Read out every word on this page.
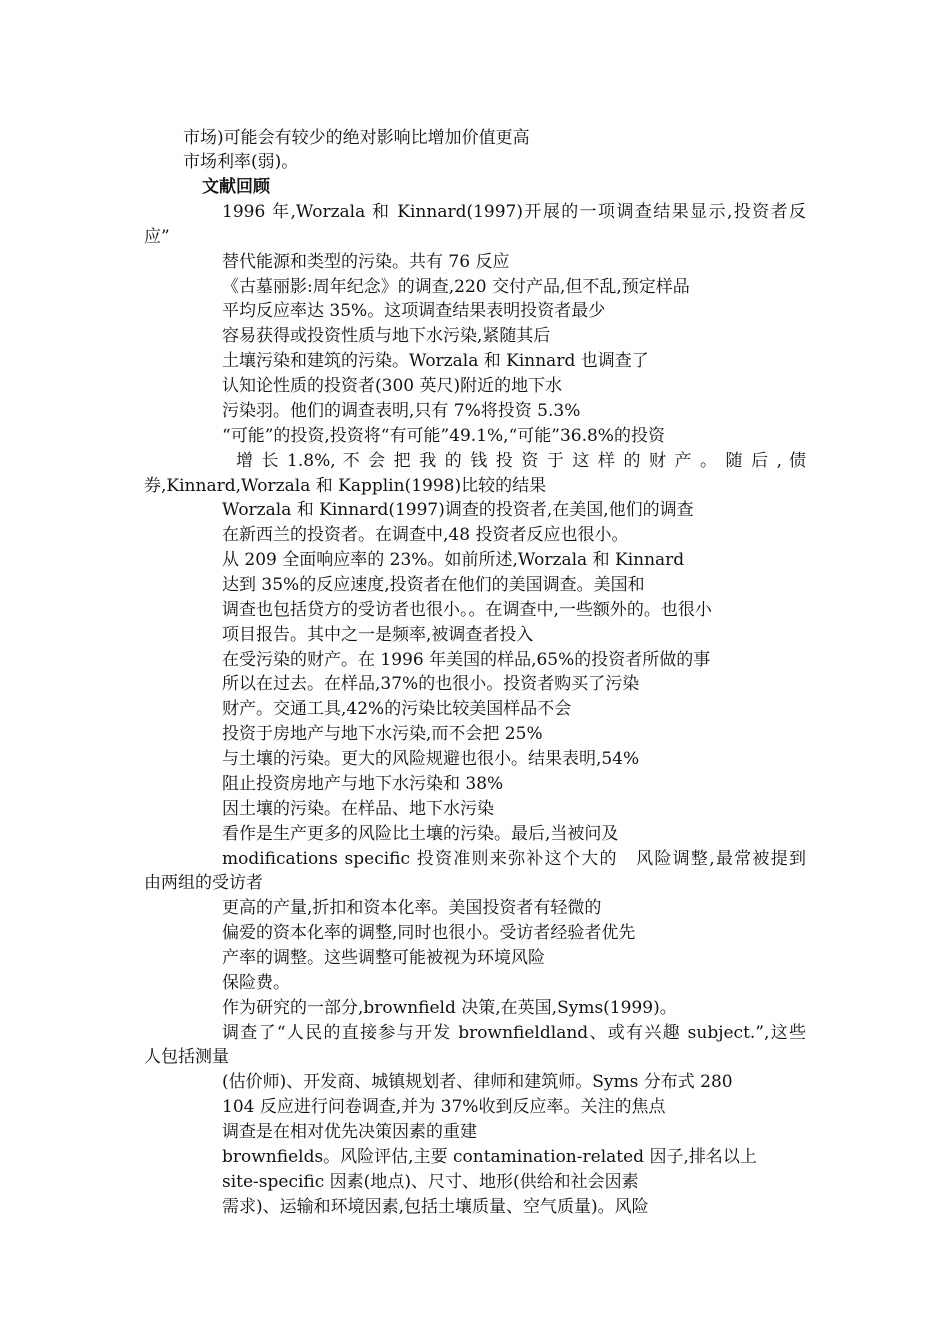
市场)可能会有较少的绝对影响比增加价值更高
市场利率(弱)。
文献回顾
1996 年,Worzala 和 Kinnard(1997)开展的一项调查结果显示,投资者反
应”
替代能源和类型的污染。共有 76 反应
《古墓丽影:周年纪念》的调查,220 交付产品,但不乱,预定样品
平均反应率达 35%。这项调查结果表明投资者最少
容易获得或投资性质与地下水污染,紧随其后
土壤污染和建筑的污染。Worzala 和 Kinnard 也调查了
认知论性质的投资者(300 英尺)附近的地下水
污染羽。他们的调查表明,只有 7%将投资 5.3%
“可能”的投资,投资将“有可能”49.1%,“可能”36.8%的投资
增 长 1.8%, 不 会 把 我 的 钱 投 资 于 这 样 的 财 产 。 随 后 , 债
券,Kinnard,Worzala 和 Kapplin(1998)比较的结果
Worzala 和 Kinnard(1997)调查的投资者,在美国,他们的调查
在新西兰的投资者。在调查中,48 投资者反应也很小。
从 209 全面响应率的 23%。如前所述,Worzala 和 Kinnard
达到 35%的反应速度,投资者在他们的美国调查。美国和
调查也包括贷方的受访者也很小。。在调查中,一些额外的。也很小
项目报告。其中之一是频率,被调查者投入
在受污染的财产。在 1996 年美国的样品,65%的投资者所做的事
所以在过去。在样品,37%的也很小。投资者购买了污染
财产。交通工具,42%的污染比较美国样品不会
投资于房地产与地下水污染,而不会把 25%
与土壤的污染。更大的风险规避也很小。结果表明,54%
阻止投资房地产与地下水污染和 38%
因土壤的污染。在样品、地下水污染
看作是生产更多的风险比土壤的污染。最后,当被问及
modifications specific 投资准则来弥补这个大的　风险调整,最常被提到
由两组的受访者
更高的产量,折扣和资本化率。美国投资者有轻微的
偏爱的资本化率的调整,同时也很小。受访者经验者优先
产率的调整。这些调整可能被视为环境风险
保险费。
作为研究的一部分,brownfield 决策,在英国,Syms(1999)。
调查了“人民的直接参与开发 brownfieldland、或有兴趣 subject.”,这些
人包括测量
(估价师)、开发商、城镇规划者、律师和建筑师。Syms 分布式 280
104 反应进行问卷调查,并为 37%收到反应率。关注的焦点
调查是在相对优先决策因素的重建
brownfields。风险评估,主要 contamination-related 因子,排名以上
site-specific 因素(地点)、尺寸、地形(供给和社会因素
需求)、运输和环境因素,包括土壤质量、空气质量)。风险
